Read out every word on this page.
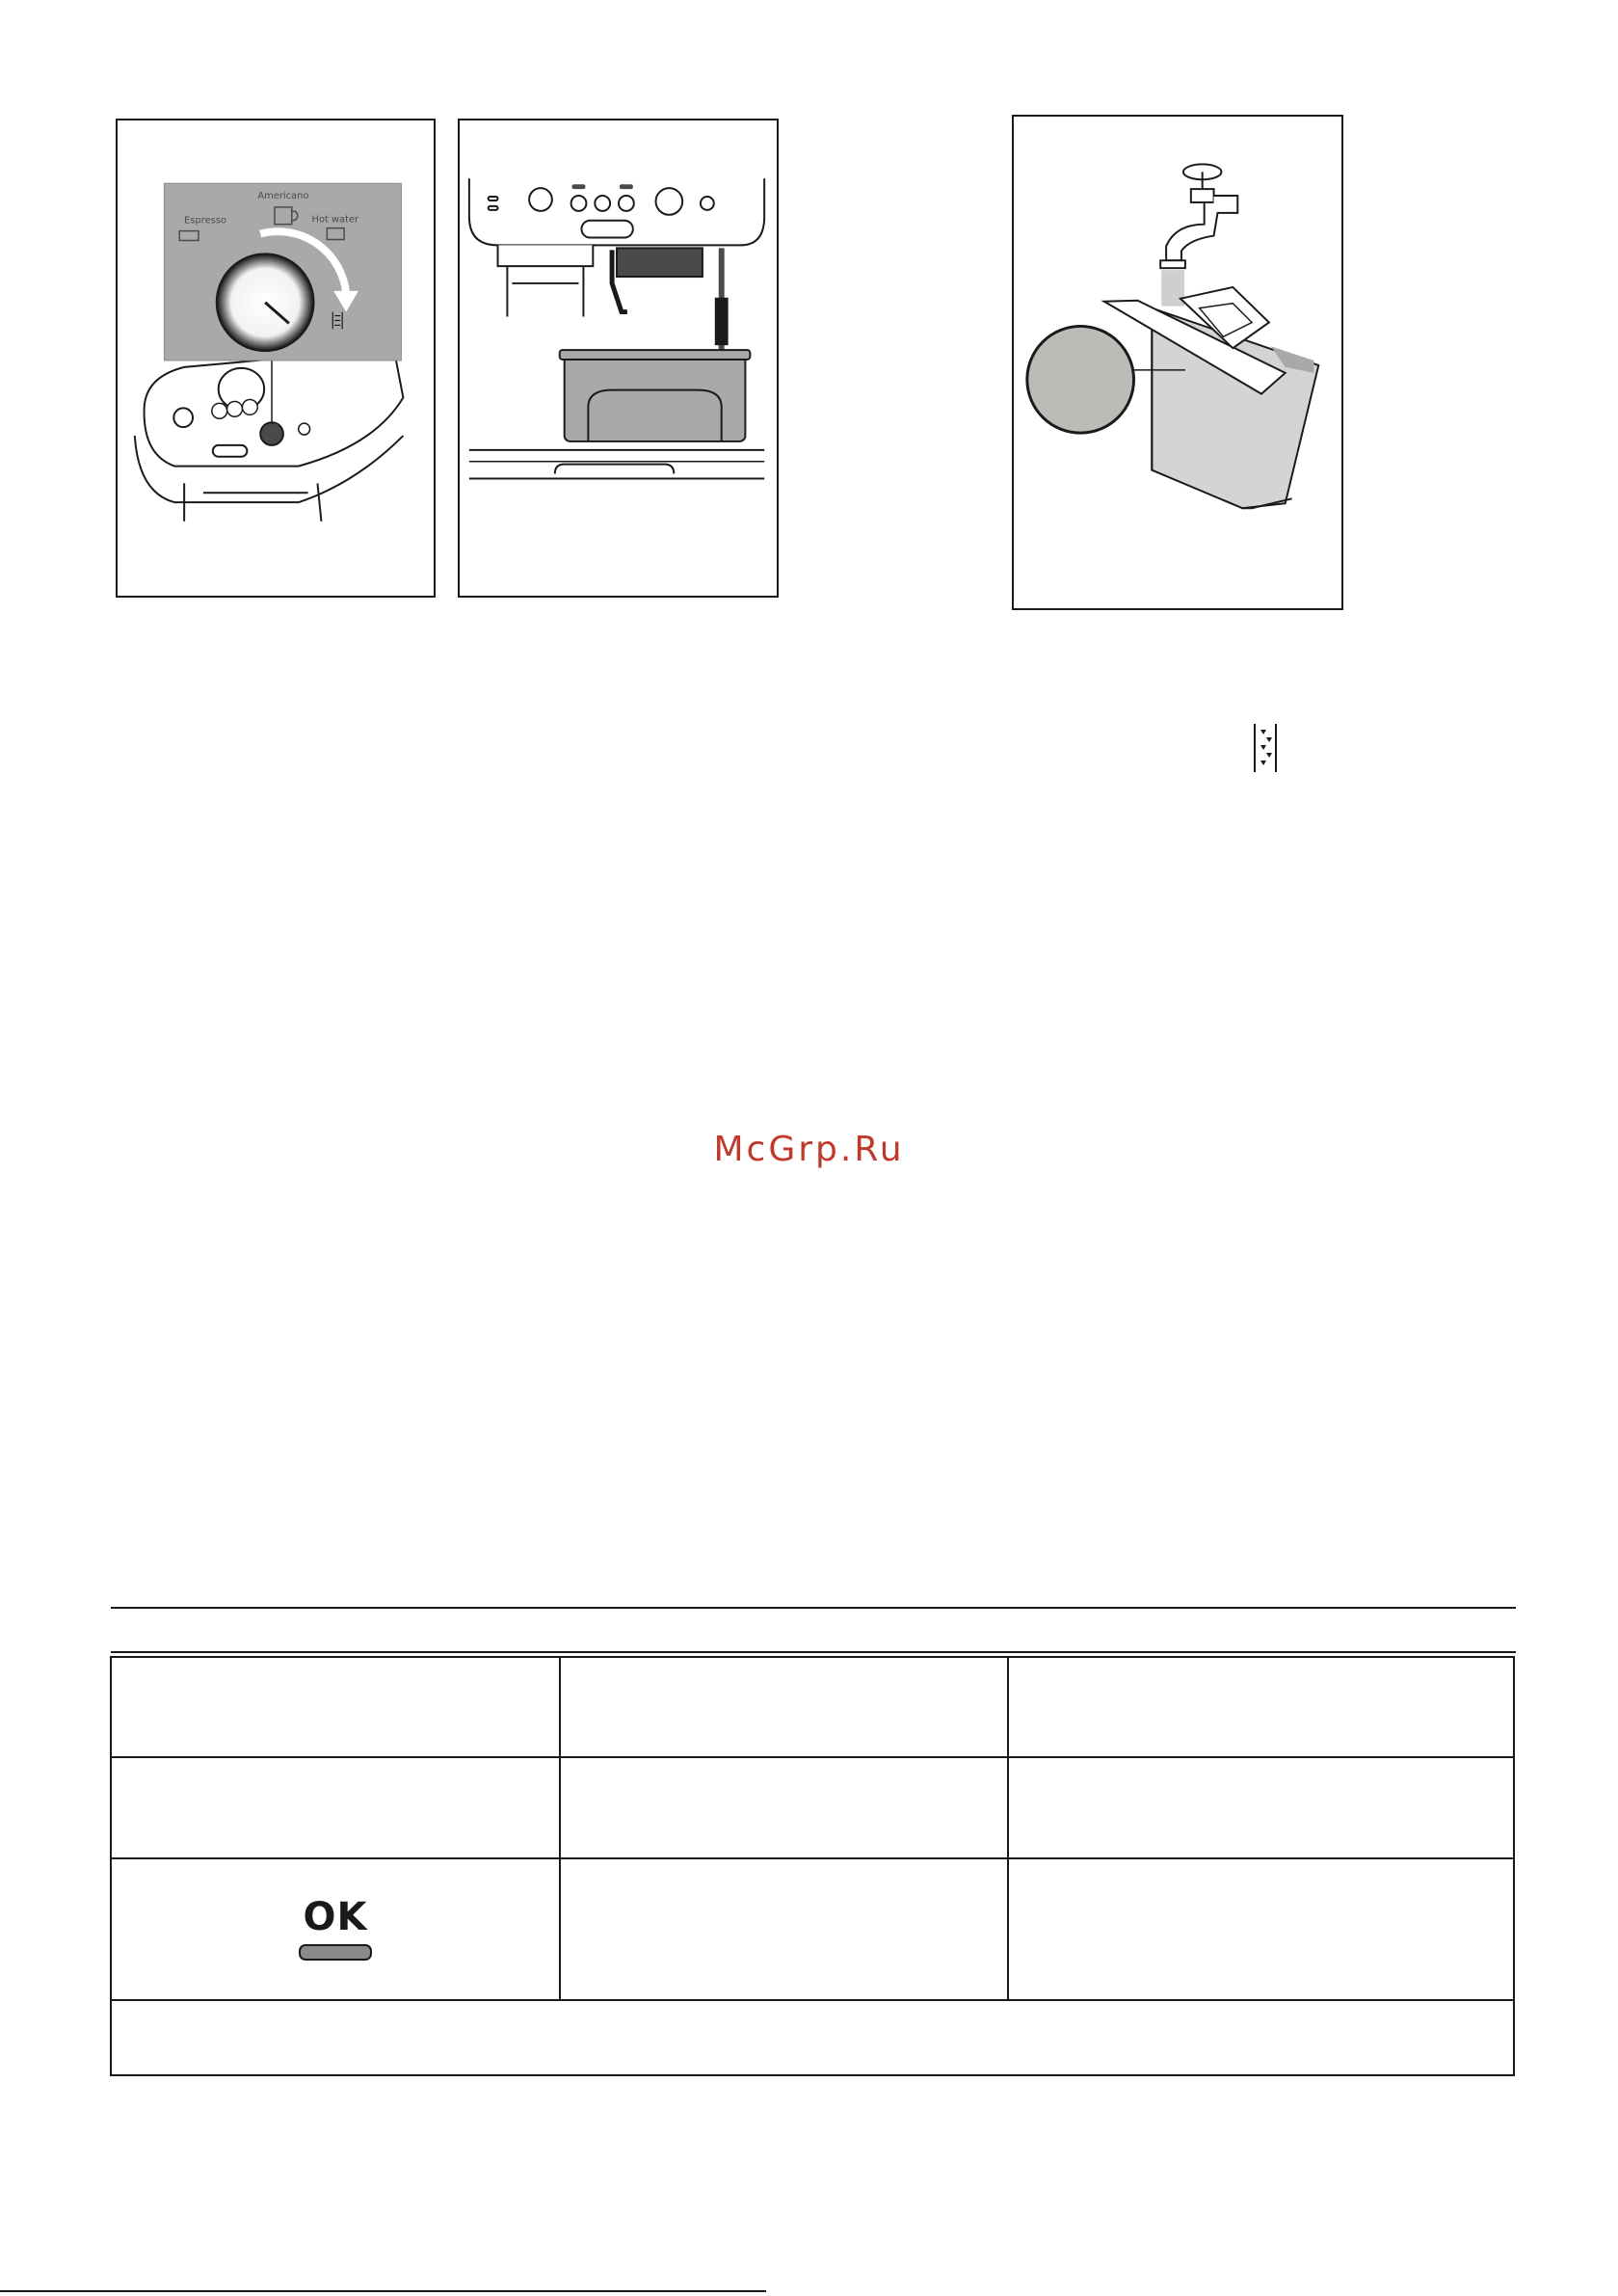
Americano
Espresso	Hot water
McGrp.Ru

OK		
